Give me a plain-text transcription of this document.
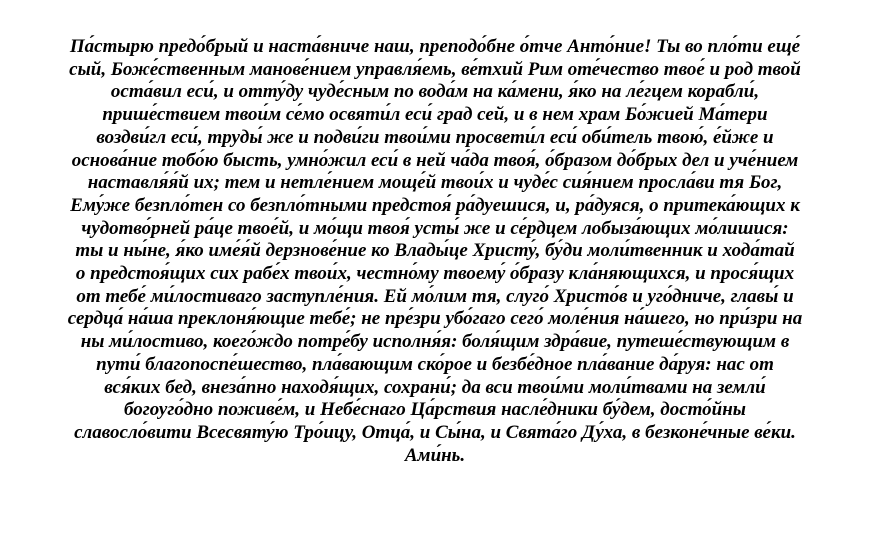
Па́стырю предо́брый и наста́вниче наш, преподо́бне о́тче Анто́ние! Ты во пло́ти еще́
сый, Боже́ственным манове́нием управля́емь, ве́тхий Рим оте́чество твое́ и род твой
оста́вил еси́, и отту́ду чуде́сным по вода́м на ка́мени, я́ко на ле́гцем корабли́,
прише́ствием твои́м се́мо освяти́л еси́ град сей, и в нем храм Бо́жией Ма́тери
воздви́гл еси́, труды́ же и подви́ги твои́ми просвети́л еси́ оби́тель твою́, е́йже и
основа́ние тобо́ю бысть, умно́жил еси́ в ней ча́да твоя́, о́бразом до́брых дел и уче́нием
наставля́я́й их; тем и нетле́нием моще́й твои́х и чуде́с сия́нием просла́ви тя Бог,
Ему́же безпло́тен со безпло́тными предстоя́ ра́дуешися, и, ра́дуяся, о притека́ющих к
чудотво́рней ра́це твое́й, и мо́щи твоя́ усты́ же и се́рдцем лобыза́ющих мо́лишися:
ты и ны́не, я́ко име́я́й дерзнове́ние ко Влады́це Христу́, бу́ди моли́твенник и хода́тай
о предстоя́щих сих рабе́х твои́х, честно́му твоему́ о́бразу кла́няющихся, и прося́щих
от тебе́ ми́лостиваго заступле́ния. Ей мо́лим тя, слуго́ Христо́в и уго́дниче, главы́ и
сердца́ на́ша преклоня́ющие тебе́; не пре́зри убо́гаго сего́ моле́ния на́шего, но при́зри на
ны ми́лостиво, коего́ждо потре́бу исполня́я: боля́щим здра́вие, путеше́ствующим в
пути́ благопоспе́шество, пла́вающим ско́рое и безбе́дное пла́вание да́руя: нас от
вся́ких бед, внеза́пно находя́щих, сохрани́; да вси твои́ми моли́твами на земли́
богоуго́дно поживе́м, и Небе́снаго Ца́рствия насле́дники бу́дем, досто́йны
славосло́вити Всесвяту́ю Тро́ицу, Отца́, и Сы́на, и Свята́го Ду́ха, в безконе́чные ве́ки.
Ами́нь.
